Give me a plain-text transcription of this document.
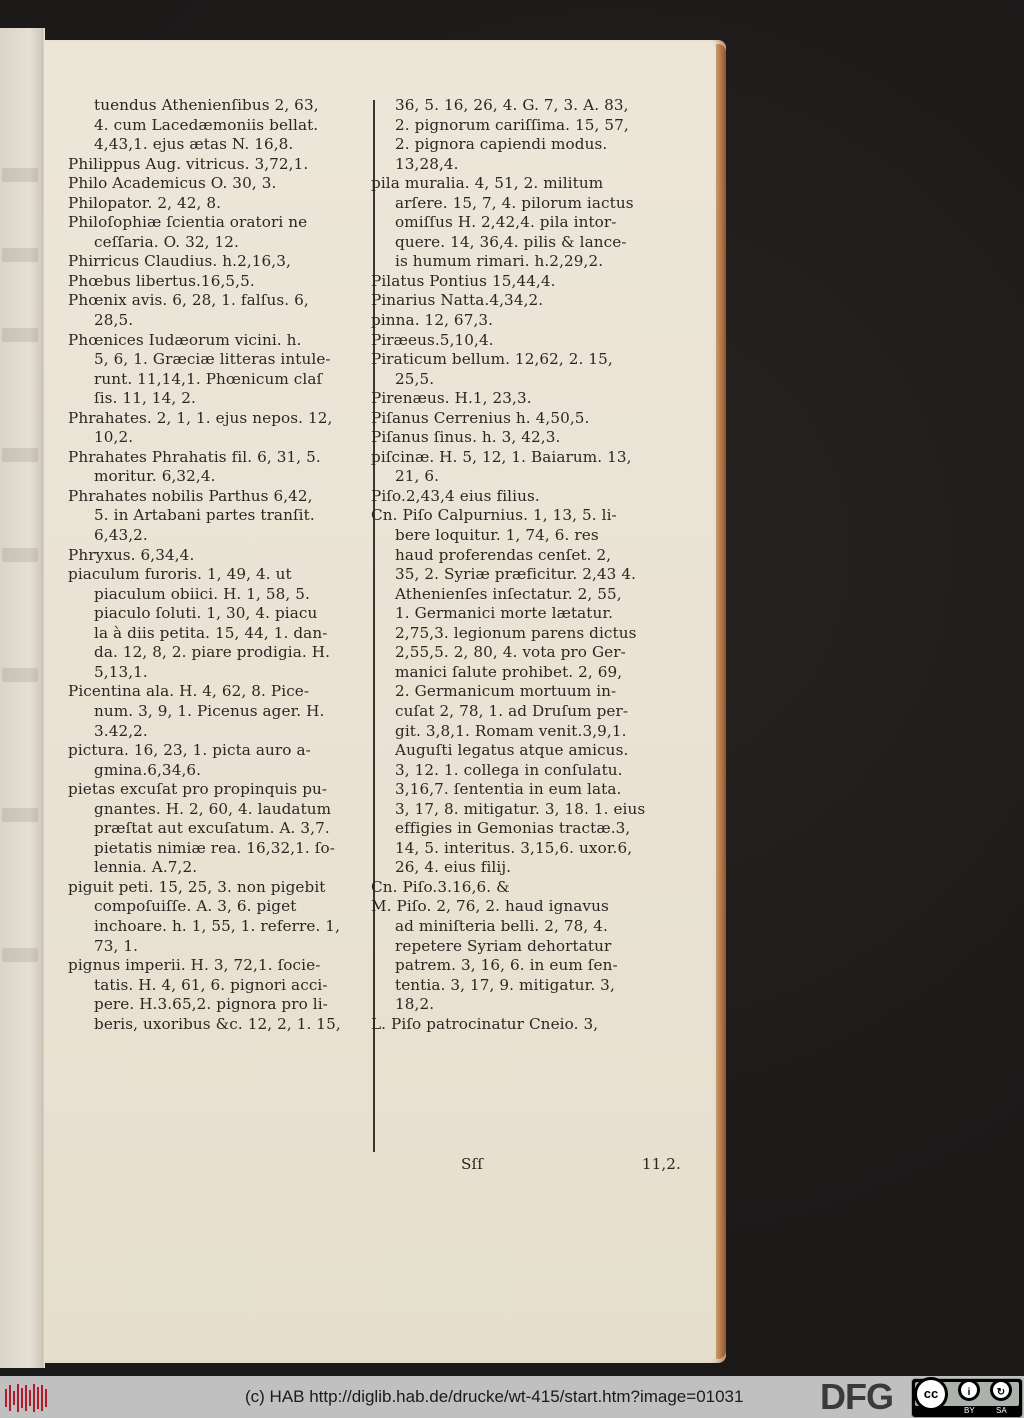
tuendus Athenienſibus 2, 63,

4. cum Lacedæmoniis bellat.

4,43,1. ejus ætas N. 16,8.

Philippus Aug. vitricus. 3,72,1.

Philo Academicus O. 30, 3.

Philopator. 2, 42, 8.

Philoſophiæ ſcientia oratori ne

ceſſaria. O. 32, 12.

Phirricus Claudius. h.2,16,3,

Phœbus libertus.16,5,5.

Phœnix avis. 6, 28, 1. falſus. 6,

28,5.

Phœnices Iudæorum vicini. h.

5, 6, 1. Græciæ litteras intule-

runt. 11,14,1. Phœnicum claſ

ſis. 11, 14, 2.

Phrahates. 2, 1, 1. ejus nepos. 12,

10,2.

Phrahates Phrahatis fil. 6, 31, 5.

moritur. 6,32,4.

Phrahates nobilis Parthus 6,42,

5. in Artabani partes tranſit.

6,43,2.

Phryxus. 6,34,4.

piaculum furoris. 1, 49, 4. ut

piaculum obiici. H. 1, 58, 5.

piaculo ſoluti. 1, 30, 4. piacu

la à diis petita. 15, 44, 1. dan-

da. 12, 8, 2. piare prodigia. H.

5,13,1.

Picentina ala. H. 4, 62, 8. Pice-

num. 3, 9, 1. Picenus ager. H.

3.42,2.

pictura. 16, 23, 1. picta auro a-

gmina.6,34,6.

pietas excuſat pro propinquis pu-

gnantes. H. 2, 60, 4. laudatum

præſtat aut excuſatum. A. 3,7.

pietatis nimiæ rea. 16,32,1. ſo-

lennia. A.7,2.

piguit peti. 15, 25, 3. non pigebit

compoſuiſſe. A. 3, 6. piget

inchoare. h. 1, 55, 1. referre. 1,

73, 1.

pignus imperii. H. 3, 72,1. ſocie-

tatis. H. 4, 61, 6. pignori acci-

pere. H.3.65,2. pignora pro li-

beris, uxoribus &c. 12, 2, 1. 15,

36, 5. 16, 26, 4. G. 7, 3. A. 83,

2. pignorum cariſſima. 15, 57,

2. pignora capiendi modus.

13,28,4.

pila muralia. 4, 51, 2. militum

arſere. 15, 7, 4. pilorum iactus

omiſſus H. 2,42,4. pila intor-

quere. 14, 36,4. pilis & lance-

is humum rimari. h.2,29,2.

Pilatus Pontius 15,44,4.

Pinarius Natta.4,34,2.

pinna. 12, 67,3.

Piræeus.5,10,4.

Piraticum bellum. 12,62, 2. 15,

25,5.

Pirenæus. H.1, 23,3.

Piſanus Cerrenius h. 4,50,5.

Piſanus ſinus. h. 3, 42,3.

piſcinæ. H. 5, 12, 1. Baiarum. 13,

21, 6.

Piſo.2,43,4 eius filius.

Cn. Piſo Calpurnius. 1, 13, 5. li-

bere loquitur. 1, 74, 6. res

haud proferendas cenſet. 2,

35, 2. Syriæ præficitur. 2,43 4.

Athenienſes inſectatur. 2, 55,

1. Germanici morte lætatur.

2,75,3. legionum parens dictus

2,55,5. 2, 80, 4. vota pro Ger-

manici ſalute prohibet. 2, 69,

2. Germanicum mortuum in-

cuſat 2, 78, 1. ad Druſum per-

git. 3,8,1. Romam venit.3,9,1.

Auguſti legatus atque amicus.

3, 12. 1. collega in conſulatu.

3,16,7. ſententia in eum lata.

3, 17, 8. mitigatur. 3, 18. 1. eius

effigies in Gemonias tractæ.3,

14, 5. interitus. 3,15,6. uxor.6,

26, 4. eius filij.

Cn. Piſo.3.16,6. &

M. Piſo. 2, 76, 2. haud ignavus

ad miniſteria belli. 2, 78, 4.

repetere Syriam dehortatur

patrem. 3, 16, 6. in eum ſen-

tentia. 3, 17, 9. mitigatur. 3,

18,2.

L. Piſo patrocinatur Cneio. 3,

Sſſ	11,2.
(c) HAB http://diglib.hab.de/drucke/wt-415/start.htm?image=01031 DFG	cc	i	↻
BY	SA
